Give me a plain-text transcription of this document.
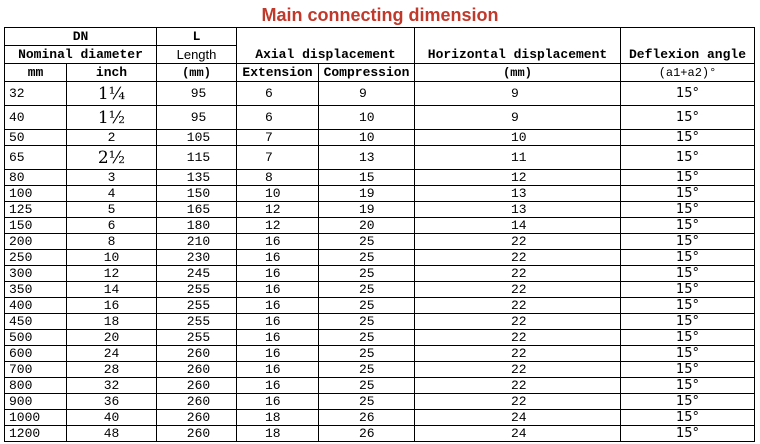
Main connecting dimension
DN		L	Axial displacement		Horizontal displacement	Deflexion angle
Nominal diameter		Length				
mm	inch	(mm)	Extension	Compression	(mm)	(a1+a2)°
32	1¼	95	6	9	9	15°
40	1½	95	6	10	9	15°
50	2	105	7	10	10	15°
65	2½	115	7	13	11	15°
80	3	135	8	15	12	15°
100	4	150	10	19	13	15°
125	5	165	12	19	13	15°
150	6	180	12	20	14	15°
200	8	210	16	25	22	15°
250	10	230	16	25	22	15°
300	12	245	16	25	22	15°
350	14	255	16	25	22	15°
400	16	255	16	25	22	15°
450	18	255	16	25	22	15°
500	20	255	16	25	22	15°
600	24	260	16	25	22	15°
700	28	260	16	25	22	15°
800	32	260	16	25	22	15°
900	36	260	16	25	22	15°
1000	40	260	18	26	24	15°
1200	48	260	18	26	24	15°
